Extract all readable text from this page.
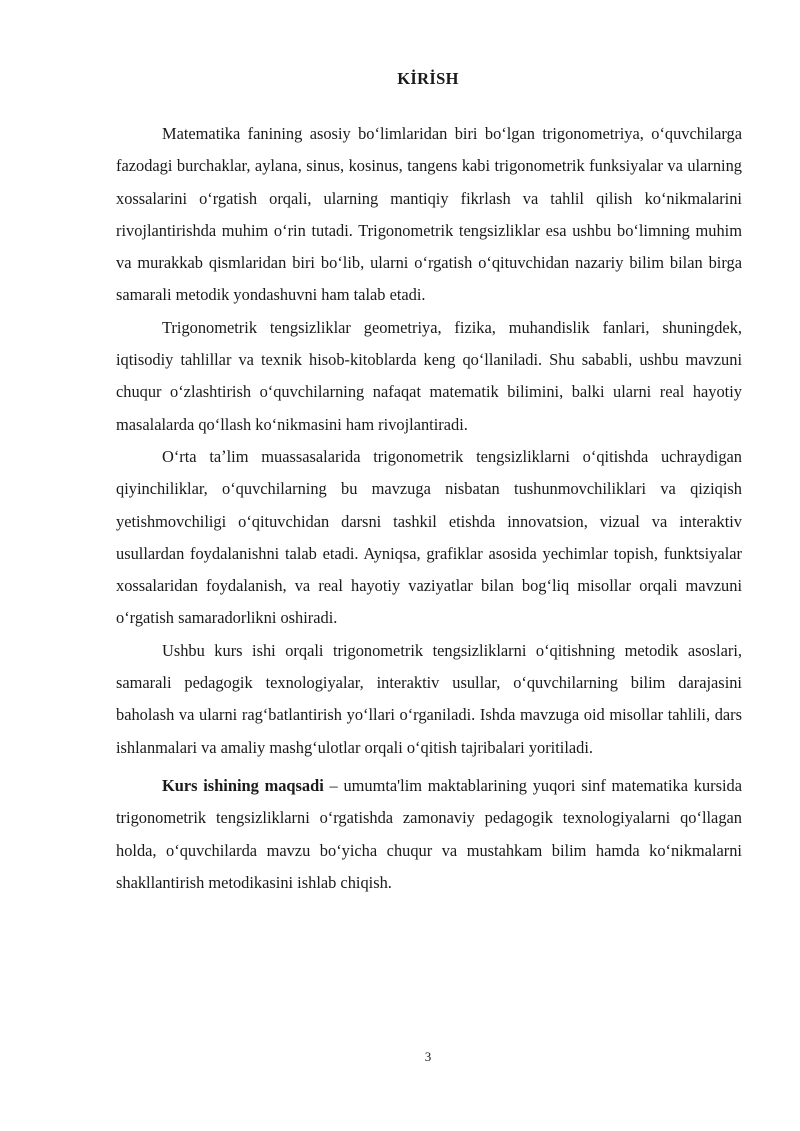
KİRİSH

Matematika fanining asosiy boʻlimlaridan biri boʻlgan trigonometriya, oʻquvchilarga fazodagi burchaklar, aylana, sinus, kosinus, tangens kabi trigonometrik funksiyalar va ularning xossalarini oʻrgatish orqali, ularning mantiqiy fikrlash va tahlil qilish koʻnikmalarini rivojlantirishda muhim oʻrin tutadi. Trigonometrik tengsizliklar esa ushbu boʻlimning muhim va murakkab qismlaridan biri boʻlib, ularni oʻrgatish oʻqituvchidan nazariy bilim bilan birga samarali metodik yondashuvni ham talab etadi.

Trigonometrik tengsizliklar geometriya, fizika, muhandislik fanlari, shuningdek, iqtisodiy tahlillar va texnik hisob-kitoblarda keng qoʻllaniladi. Shu sababli, ushbu mavzuni chuqur oʻzlashtirish oʻquvchilarning nafaqat matematik bilimini, balki ularni real hayotiy masalalarda qoʻllash koʻnikmasini ham rivojlantiradi.

Oʻrta taʼlim muassasalarida trigonometrik tengsizliklarni oʻqitishda uchraydigan qiyinchiliklar, oʻquvchilarning bu mavzuga nisbatan tushunmovchiliklari va qiziqish yetishmovchiligi oʻqituvchidan darsni tashkil etishda innovatsion, vizual va interaktiv usullardan foydalanishni talab etadi. Ayniqsa, grafiklar asosida yechimlar topish, funktsiyalar xossalaridan foydalanish, va real hayotiy vaziyatlar bilan bogʻliq misollar orqali mavzuni oʻrgatish samaradorlikni oshiradi.

Ushbu kurs ishi orqali trigonometrik tengsizliklarni oʻqitishning metodik asoslari, samarali pedagogik texnologiyalar, interaktiv usullar, oʻquvchilarning bilim darajasini baholash va ularni ragʻbatlantirish yoʻllari oʻrganiladi. Ishda mavzuga oid misollar tahlili, dars ishlanmalari va amaliy mashgʻulotlar orqali oʻqitish tajribalari yoritiladi.

Kurs ishining maqsadi – umumta'lim maktablarining yuqori sinf matematika kursida trigonometrik tengsizliklarni oʻrgatishda zamonaviy pedagogik texnologiyalarni qoʻllagan holda, oʻquvchilarda mavzu boʻyicha chuqur va mustahkam bilim hamda koʻnikmalarni shakllantirish metodikasini ishlab chiqish.

3
